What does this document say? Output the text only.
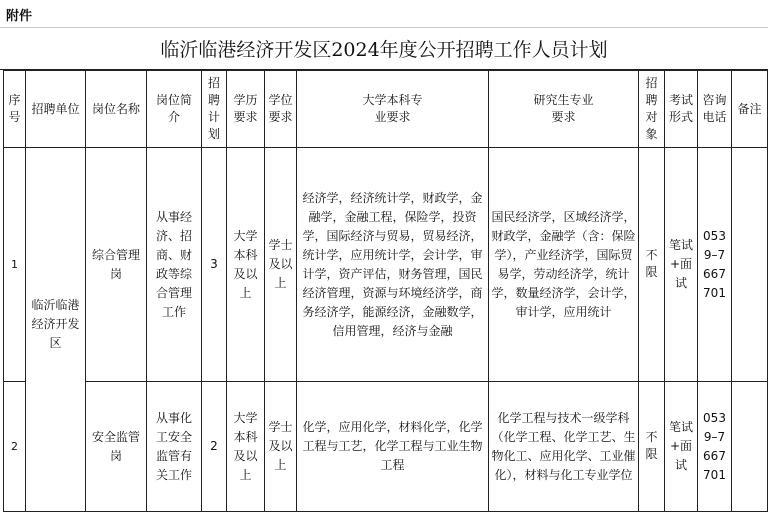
附件
临沂临港经济开发区2024年度公开招聘工作人员计划
序号	招聘单位	岗位名称	岗位简介	招聘计划	学历要求	学位要求	大学本科专业要求	研究生专业要求	招聘对象	考试形式	咨询电话	备注
1	临沂临港经济开发区	综合管理岗	从事经济、招商、财政等综合管理工作	3	大学本科及以上	学士及以上	经济学，经济统计学，财政学，金融学，金融工程，保险学，投资学，国际经济与贸易，贸易经济，统计学，应用统计学，会计学，审计学，资产评估，财务管理，国民经济管理，资源与环境经济学，商务经济学，能源经济，金融数学，信用管理，经济与金融	国民经济学，区域经济学，财政学，金融学（含：保险学），产业经济学，国际贸易学，劳动经济学，统计学，数量经济学，会计学，审计学，应用统计	不限	笔试+面试	0539–7667701	
2		安全监管岗	从事化工安全监管有关工作	2	大学本科及以上	学士及以上	化学，应用化学，材料化学，化学工程与工艺，化学工程与工业生物工程	化学工程与技术一级学科（化学工程、化学工艺、生物化工、应用化学、工业催化），材料与化工专业学位	不限	笔试+面试	0539–7667701	
